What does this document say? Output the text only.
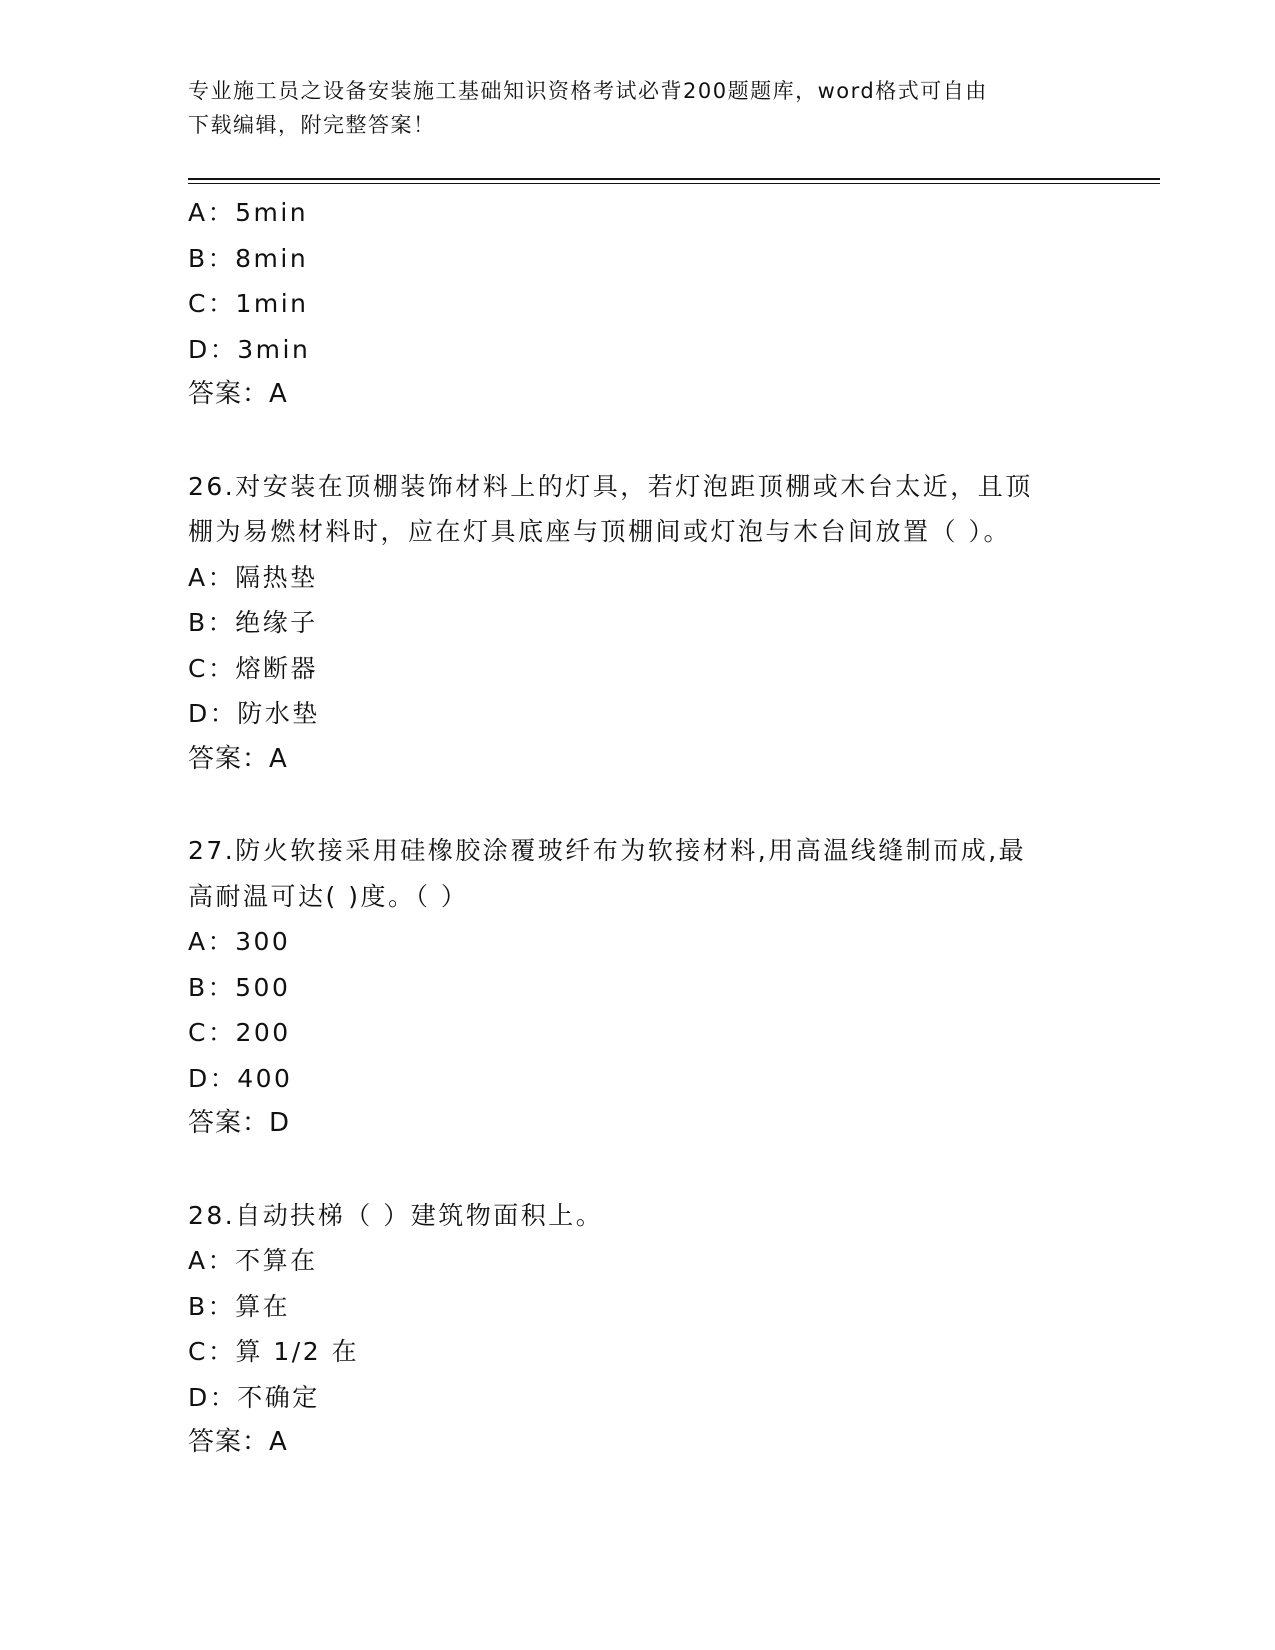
专业施工员之设备安装施工基础知识资格考试必背200题题库，word格式可自由
下载编辑，附完整答案！
A：5min
B：8min
C：1min
D：3min
答案：A
26.对安装在顶棚装饰材料上的灯具，若灯泡距顶棚或木台太近，且顶
棚为易燃材料时，应在灯具底座与顶棚间或灯泡与木台间放置（ ）。
A：隔热垫
B：绝缘子
C：熔断器
D：防水垫
答案：A
27.防火软接采用硅橡胶涂覆玻纤布为软接材料,用高温线缝制而成,最
高耐温可达( )度。（ ）
A：300
B：500
C：200
D：400
答案：D
28.自动扶梯（ ）建筑物面积上。
A：不算在
B：算在
C：算 1/2 在
D：不确定
答案：A
